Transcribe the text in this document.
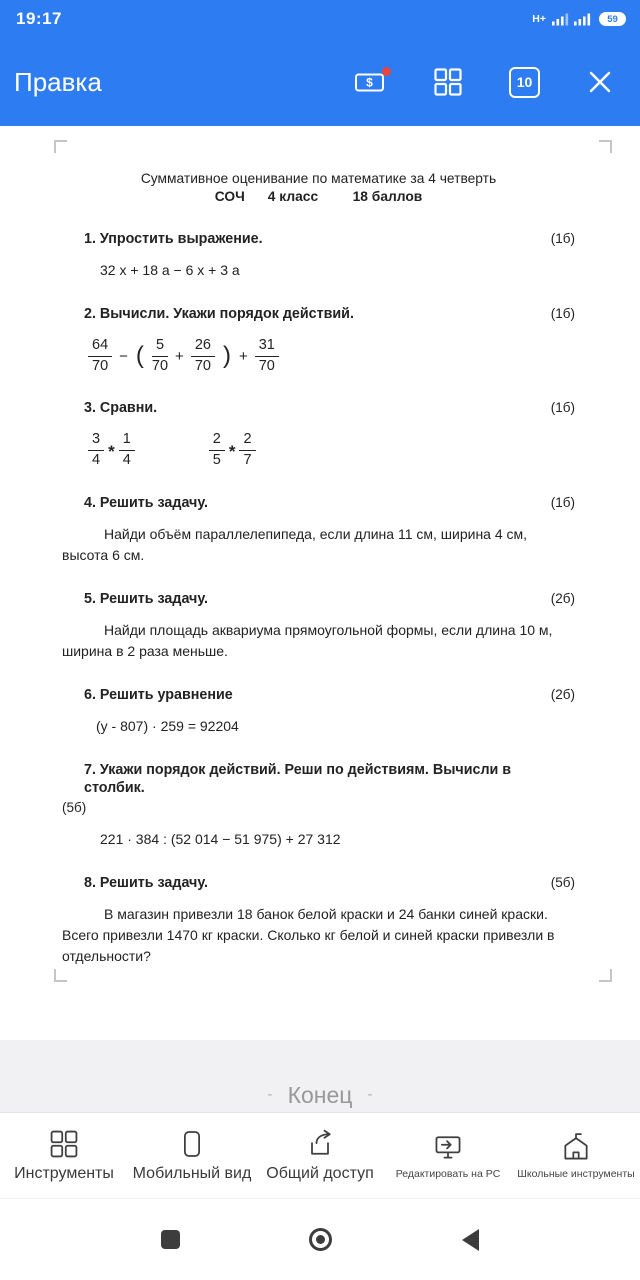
19:17	H+	59
Правка	$	10
Суммативное оценивание по математике за 4 четверть
СОЧ      4 класс         18 баллов
1. Упростить выражение.	(1б)
32 х + 18 а − 6 х + 3 а
2. Вычисли. Укажи порядок действий.	(1б)
$\frac{64}{70}$ − ( $\frac{5}{70} + \frac{26}{70}$ ) + $\frac{31}{70}$
3. Сравни.	(1б)
$\frac{3}{4} * \frac{1}{4}$	$\frac{2}{5} * \frac{2}{7}$
4. Решить задачу.	(1б)
Найди объём параллелепипеда, если длина 11 см, ширина 4 см, высота 6 см.
5. Решить задачу.	(2б)
Найди площадь аквариума прямоугольной формы, если длина 10 м, ширина в 2 раза меньше.
6. Решить уравнение	(2б)
(у - 807) · 259 = 92204
7. Укажи порядок действий. Реши по действиям. Вычисли в столбик.
(5б)
221 · 384 : (52 014 − 51 975) + 27 312
8. Решить задачу.	(5б)
В магазин привезли 18 банок белой краски и 24 банки синей краски. Всего привезли 1470 кг краски. Сколько кг белой и синей краски привезли в отдельности?
- Конец -
Инструменты Мобильный вид Общий доступ Редактировать на PC Школьные инструменты
